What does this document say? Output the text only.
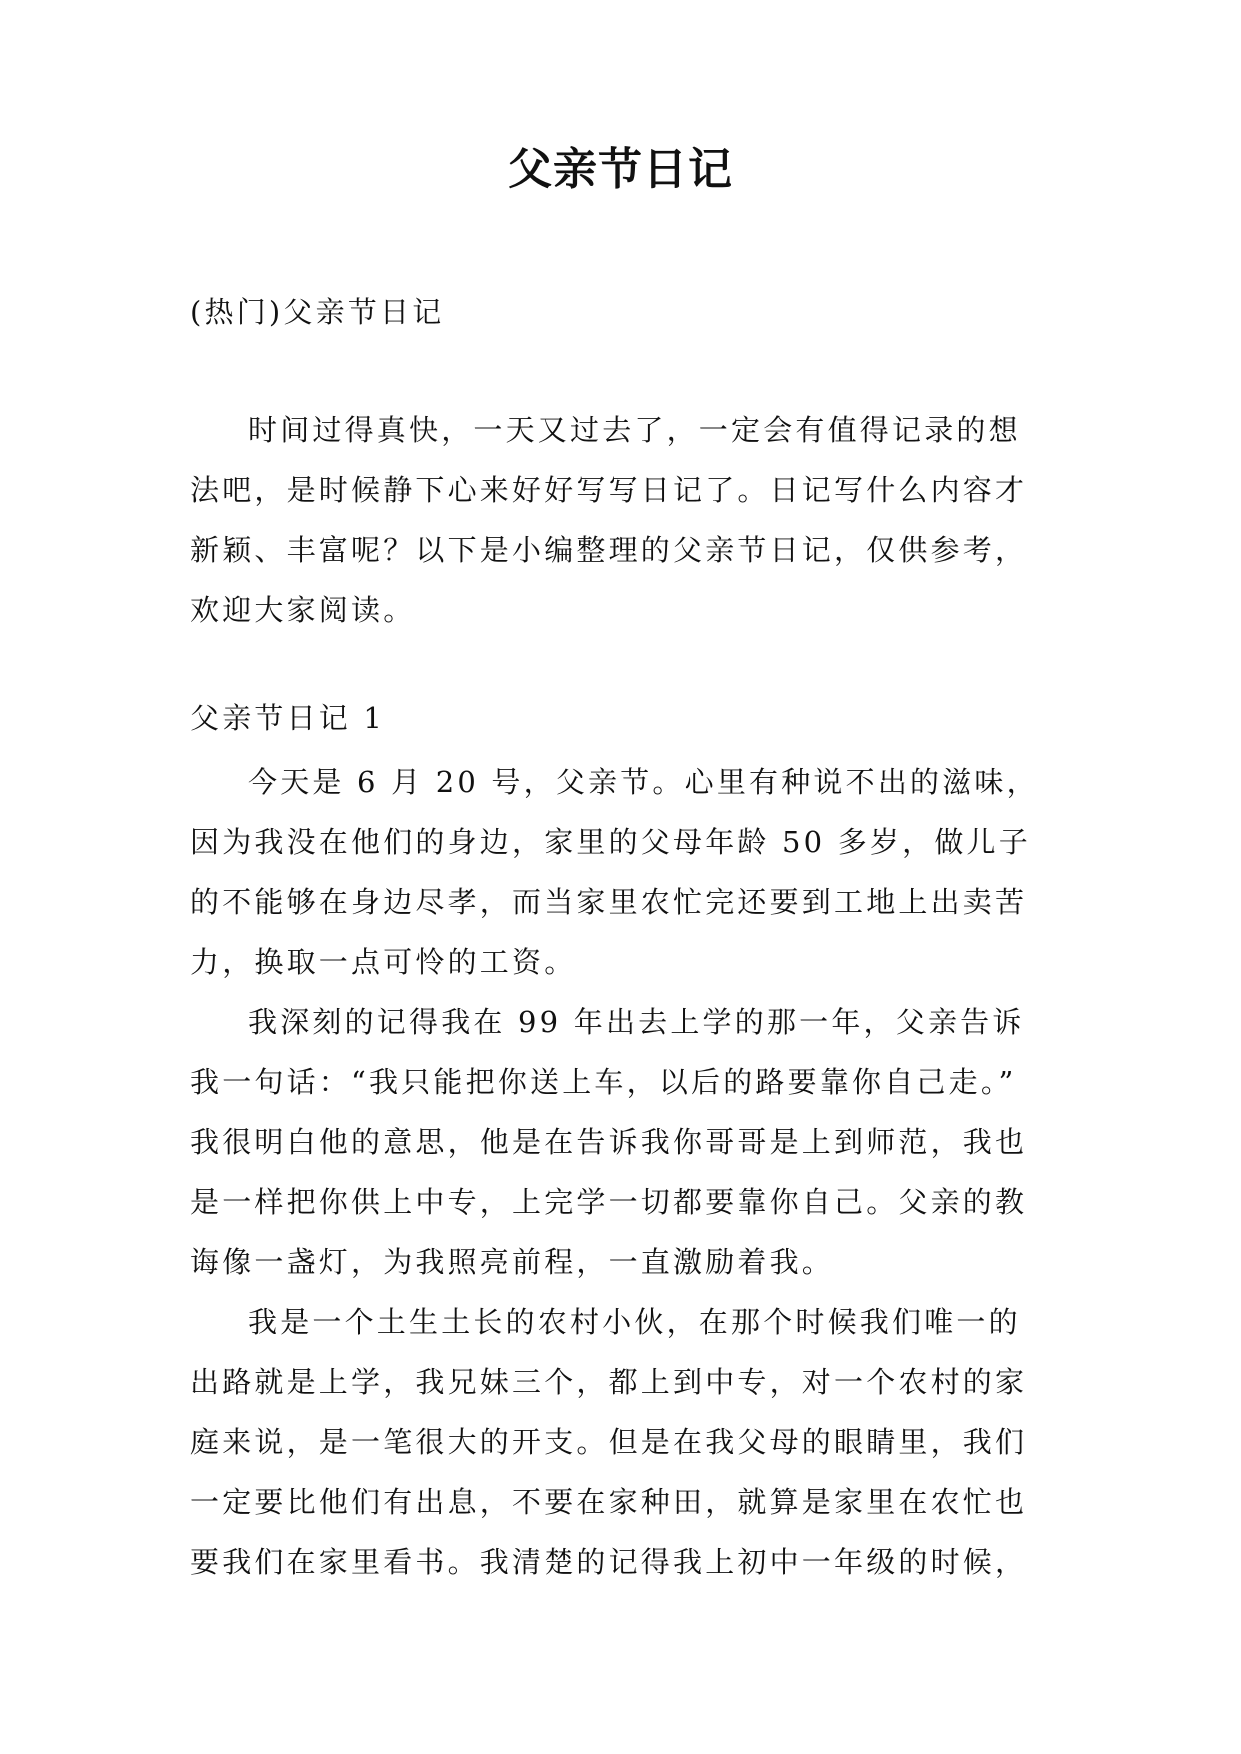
父亲节日记
(热门)父亲节日记

时间过得真快，一天又过去了，一定会有值得记录的想
法吧，是时候静下心来好好写写日记了。日记写什么内容才
新颖、丰富呢？以下是小编整理的父亲节日记，仅供参考，
欢迎大家阅读。

父亲节日记 1

今天是 6 月 20 号，父亲节。心里有种说不出的滋味，
因为我没在他们的身边，家里的父母年龄 50 多岁，做儿子
的不能够在身边尽孝，而当家里农忙完还要到工地上出卖苦
力，换取一点可怜的工资。

我深刻的记得我在 99 年出去上学的那一年，父亲告诉
我一句话：“我只能把你送上车，以后的路要靠你自己走。”
我很明白他的意思，他是在告诉我你哥哥是上到师范，我也
是一样把你供上中专，上完学一切都要靠你自己。父亲的教
诲像一盏灯，为我照亮前程，一直激励着我。

我是一个土生土长的农村小伙，在那个时候我们唯一的
出路就是上学，我兄妹三个，都上到中专，对一个农村的家
庭来说，是一笔很大的开支。但是在我父母的眼睛里，我们
一定要比他们有出息，不要在家种田，就算是家里在农忙也
要我们在家里看书。我清楚的记得我上初中一年级的时候，
